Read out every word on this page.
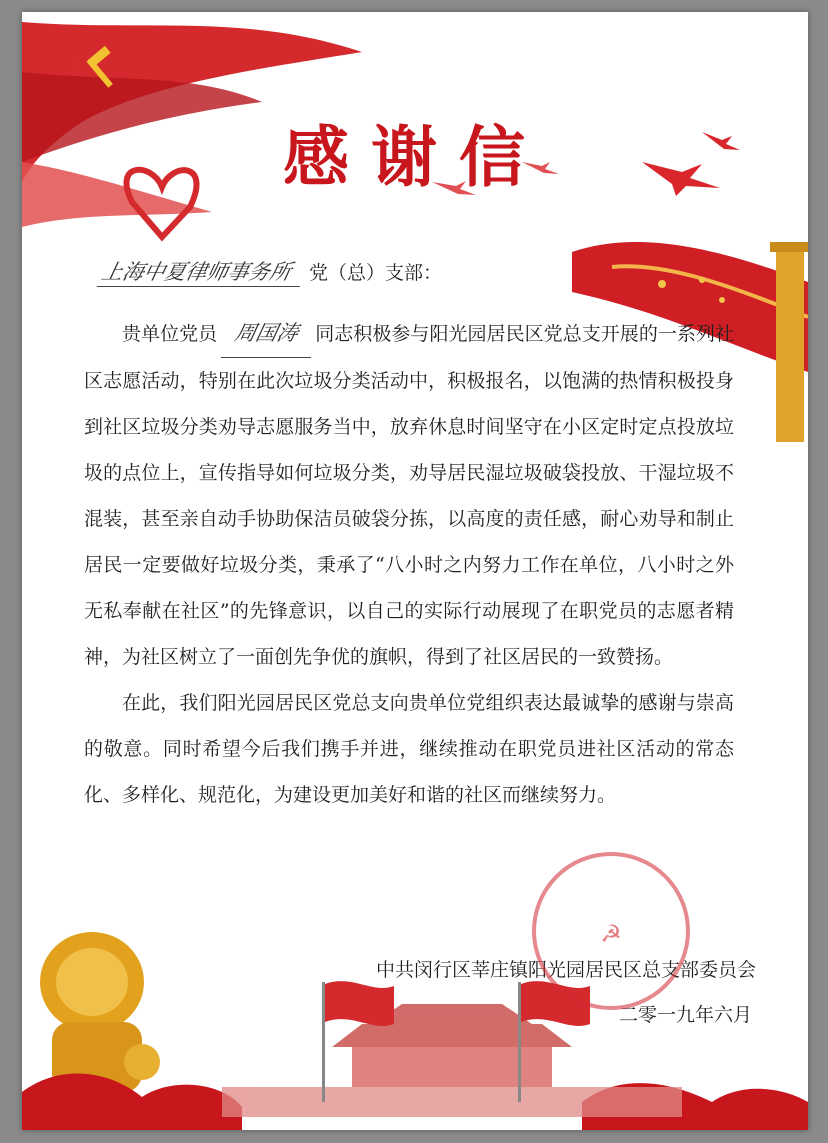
感谢信
上海中夏律师事务所 党（总）支部：

贵单位党员 周国涛 同志积极参与阳光园居民区党总支开展的一系列社区志愿活动，特别在此次垃圾分类活动中，积极报名，以饱满的热情积极投身到社区垃圾分类劝导志愿服务当中，放弃休息时间坚守在小区定时定点投放垃圾的点位上，宣传指导如何垃圾分类，劝导居民湿垃圾破袋投放、干湿垃圾不混装，甚至亲自动手协助保洁员破袋分拣，以高度的责任感，耐心劝导和制止居民一定要做好垃圾分类，秉承了“八小时之内努力工作在单位，八小时之外无私奉献在社区”的先锋意识，以自己的实际行动展现了在职党员的志愿者精神，为社区树立了一面创先争优的旗帜，得到了社区居民的一致赞扬。

在此，我们阳光园居民区党总支向贵单位党组织表达最诚挚的感谢与崇高的敬意。同时希望今后我们携手并进，继续推动在职党员进社区活动的常态化、多样化、规范化，为建设更加美好和谐的社区而继续努力。

☭
中共闵行区莘庄镇阳光园居民区总支部委员会
二零一九年六月
